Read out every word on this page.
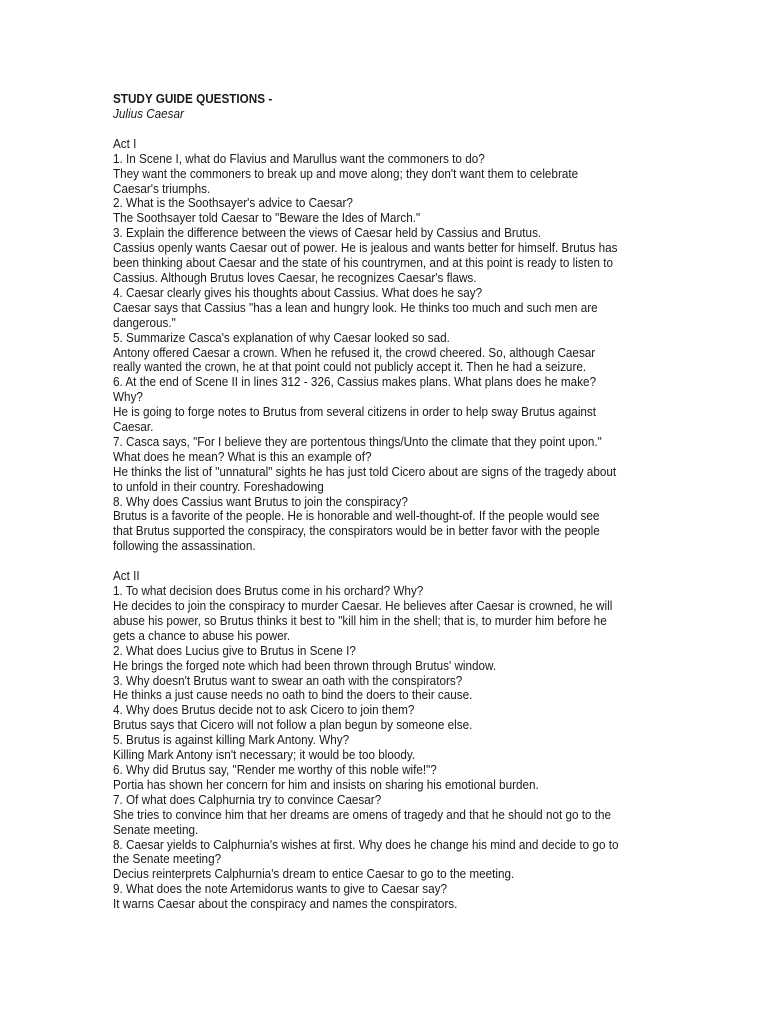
STUDY GUIDE QUESTIONS -
Julius Caesar
Act I
1. In Scene I, what do Flavius and Marullus want the commoners to do?
They want the commoners to break up and move along; they don't want them to celebrate
Caesar's triumphs.
2. What is the Soothsayer's advice to Caesar?
The Soothsayer told Caesar to "Beware the Ides of March."
3. Explain the difference between the views of Caesar held by Cassius and Brutus.
Cassius openly wants Caesar out of power. He is jealous and wants better for himself. Brutus has
been thinking about Caesar and the state of his countrymen, and at this point is ready to listen to
Cassius. Although Brutus loves Caesar, he recognizes Caesar's flaws.
4. Caesar clearly gives his thoughts about Cassius. What does he say?
Caesar says that Cassius "has a lean and hungry look. He thinks too much and such men are
dangerous."
5. Summarize Casca's explanation of why Caesar looked so sad.
Antony offered Caesar a crown. When he refused it, the crowd cheered. So, although Caesar
really wanted the crown, he at that point could not publicly accept it. Then he had a seizure.
6. At the end of Scene II in lines 312 - 326, Cassius makes plans. What plans does he make?
Why?
He is going to forge notes to Brutus from several citizens in order to help sway Brutus against
Caesar.
7. Casca says, "For I believe they are portentous things/Unto the climate that they point upon."
What does he mean? What is this an example of?
He thinks the list of "unnatural" sights he has just told Cicero about are signs of the tragedy about
to unfold in their country. Foreshadowing
8. Why does Cassius want Brutus to join the conspiracy?
Brutus is a favorite of the people. He is honorable and well-thought-of. If the people would see
that Brutus supported the conspiracy, the conspirators would be in better favor with the people
following the assassination.
Act II
1. To what decision does Brutus come in his orchard? Why?
He decides to join the conspiracy to murder Caesar. He believes after Caesar is crowned, he will
abuse his power, so Brutus thinks it best to "kill him in the shell; that is, to murder him before he
gets a chance to abuse his power.
2. What does Lucius give to Brutus in Scene I?
He brings the forged note which had been thrown through Brutus' window.
3. Why doesn't Brutus want to swear an oath with the conspirators?
He thinks a just cause needs no oath to bind the doers to their cause.
4. Why does Brutus decide not to ask Cicero to join them?
Brutus says that Cicero will not follow a plan begun by someone else.
5. Brutus is against killing Mark Antony. Why?
Killing Mark Antony isn't necessary; it would be too bloody.
6. Why did Brutus say, "Render me worthy of this noble wife!"?
Portia has shown her concern for him and insists on sharing his emotional burden.
7. Of what does Calphurnia try to convince Caesar?
She tries to convince him that her dreams are omens of tragedy and that he should not go to the
Senate meeting.
8. Caesar yields to Calphurnia's wishes at first. Why does he change his mind and decide to go to
the Senate meeting?
Decius reinterprets Calphurnia's dream to entice Caesar to go to the meeting.
9. What does the note Artemidorus wants to give to Caesar say?
It warns Caesar about the conspiracy and names the conspirators.
